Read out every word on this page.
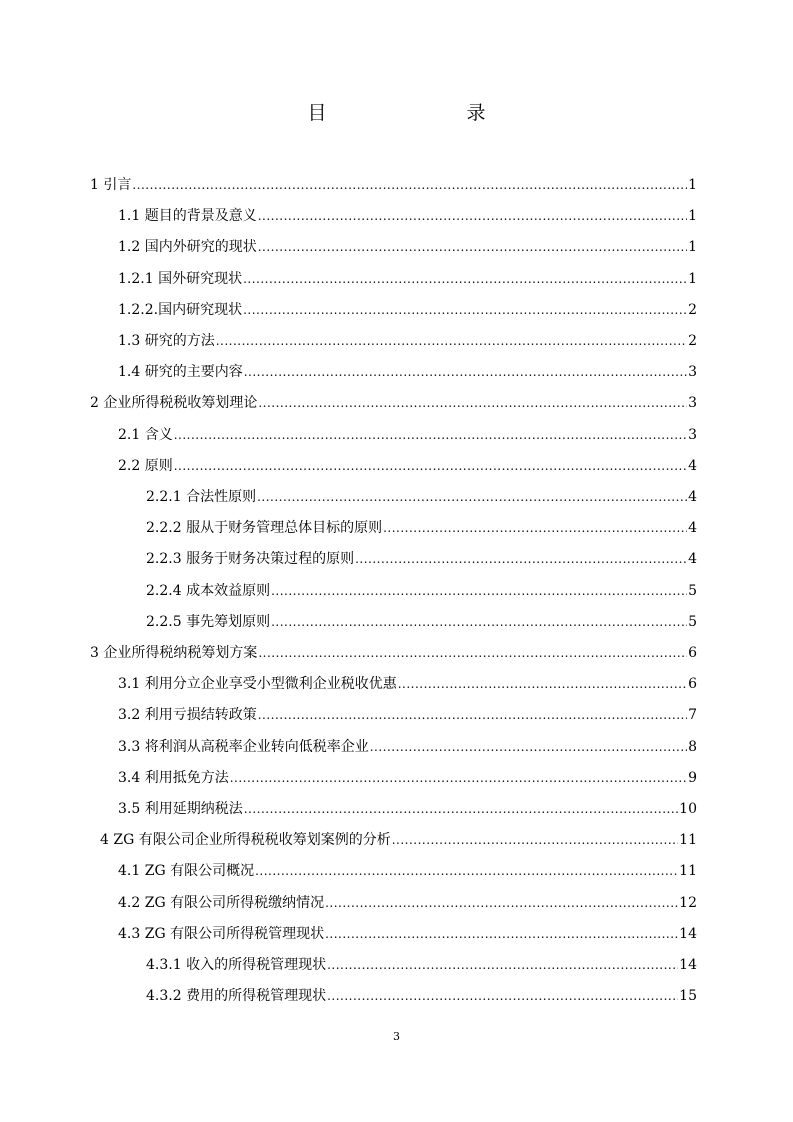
目　　录
1 引言 .....	1
1.1 题目的背景及意义 .....	1
1.2 国内外研究的现状 .....	1
1.2.1 国外研究现状 .....	1
1.2.2.国内研究现状 .....	2
1.3 研究的方法 .....	2
1.4 研究的主要内容 .....	3
2 企业所得税税收筹划理论 .....	3
2.1 含义 .....	3
2.2 原则 .....	4
2.2.1 合法性原则 .....	4
2.2.2 服从于财务管理总体目标的原则 .....	4
2.2.3 服务于财务决策过程的原则 .....	4
2.2.4 成本效益原则 .....	5
2.2.5 事先筹划原则 .....	5
3 企业所得税纳税筹划方案 .....	6
3.1 利用分立企业享受小型微利企业税收优惠 .....	6
3.2 利用亏损结转政策 .....	7
3.3 将利润从高税率企业转向低税率企业 .....	8
3.4 利用抵免方法 .....	9
3.5 利用延期纳税法 .....	10
4 ZG 有限公司企业所得税税收筹划案例的分析 .....	11
4.1 ZG 有限公司概况 .....	11
4.2 ZG 有限公司所得税缴纳情况 .....	12
4.3 ZG 有限公司所得税管理现状 .....	14
4.3.1 收入的所得税管理现状 .....	14
4.3.2 费用的所得税管理现状 .....	15
3
